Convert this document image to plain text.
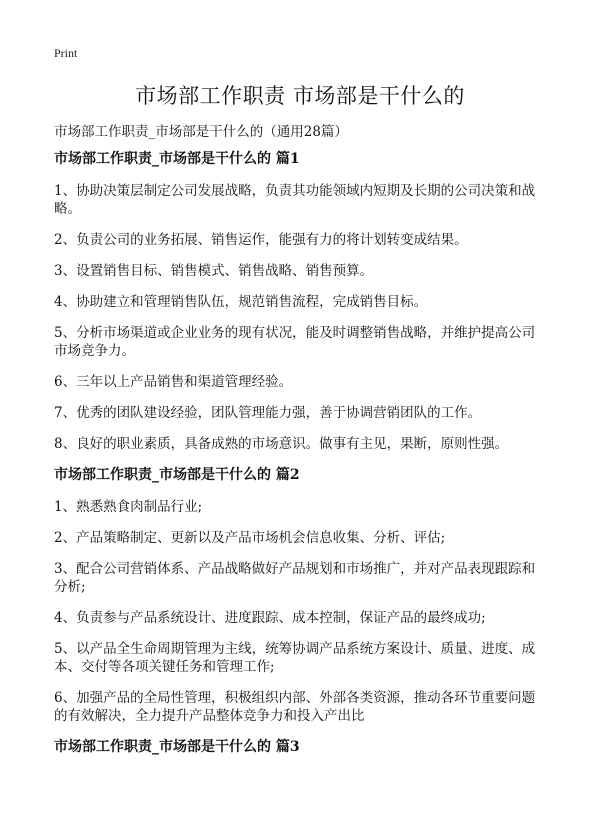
Print
市场部工作职责 市场部是干什么的

市场部工作职责_市场部是干什么的（通用28篇）

市场部工作职责_市场部是干什么的 篇1

1、协助决策层制定公司发展战略，负责其功能领域内短期及长期的公司决策和战略。

2、负责公司的业务拓展、销售运作，能强有力的将计划转变成结果。

3、设置销售目标、销售模式、销售战略、销售预算。

4、协助建立和管理销售队伍，规范销售流程，完成销售目标。

5、分析市场渠道或企业业务的现有状况，能及时调整销售战略，并维护提高公司市场竞争力。

6、三年以上产品销售和渠道管理经验。

7、优秀的团队建设经验，团队管理能力强，善于协调营销团队的工作。

8、良好的职业素质，具备成熟的市场意识。做事有主见，果断，原则性强。

市场部工作职责_市场部是干什么的 篇2

1、熟悉熟食肉制品行业;

2、产品策略制定、更新以及产品市场机会信息收集、分析、评估;

3、配合公司营销体系、产品战略做好产品规划和市场推广，并对产品表现跟踪和分析;

4、负责参与产品系统设计、进度跟踪、成本控制，保证产品的最终成功;

5、以产品全生命周期管理为主线，统筹协调产品系统方案设计、质量、进度、成本、交付等各项关键任务和管理工作;

6、加强产品的全局性管理，积极组织内部、外部各类资源，推动各环节重要问题的有效解决，全力提升产品整体竞争力和投入产出比

市场部工作职责_市场部是干什么的 篇3
